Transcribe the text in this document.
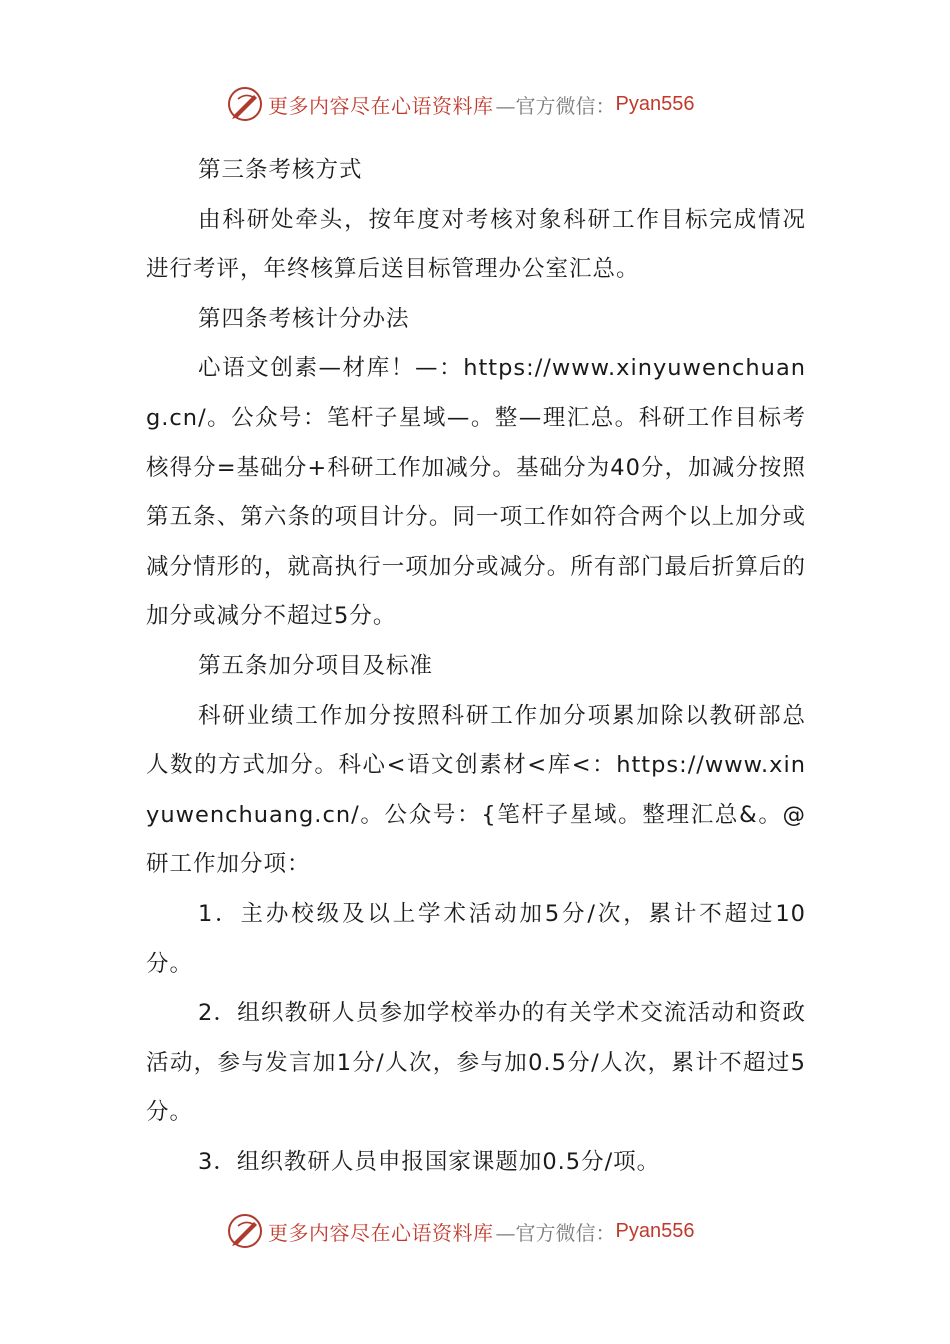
更多内容尽在心语资料库 —官方微信： Pyan556

第三条考核方式

由科研处牵头，按年度对考核对象科研工作目标完成情况进行考评，年终核算后送目标管理办公室汇总。

第四条考核计分办法

心语文创素—材库！—：https://www.xinyuwenchuang.cn/。公众号：笔杆子星域—。整—理汇总。科研工作目标考核得分=基础分+科研工作加减分。基础分为40分，加减分按照第五条、第六条的项目计分。同一项工作如符合两个以上加分或减分情形的，就高执行一项加分或减分。所有部门最后折算后的加分或减分不超过5分。

第五条加分项目及标准

科研业绩工作加分按照科研工作加分项累加除以教研部总人数的方式加分。科心<语文创素材<库<：https://www.xinyuwenchuang.cn/。公众号：{笔杆子星域。整理汇总&。@研工作加分项：

1．主办校级及以上学术活动加5分/次，累计不超过10分。

2．组织教研人员参加学校举办的有关学术交流活动和资政活动，参与发言加1分/人次，参与加0.5分/人次，累计不超过5分。

3．组织教研人员申报国家课题加0.5分/项。

更多内容尽在心语资料库 —官方微信： Pyan556
